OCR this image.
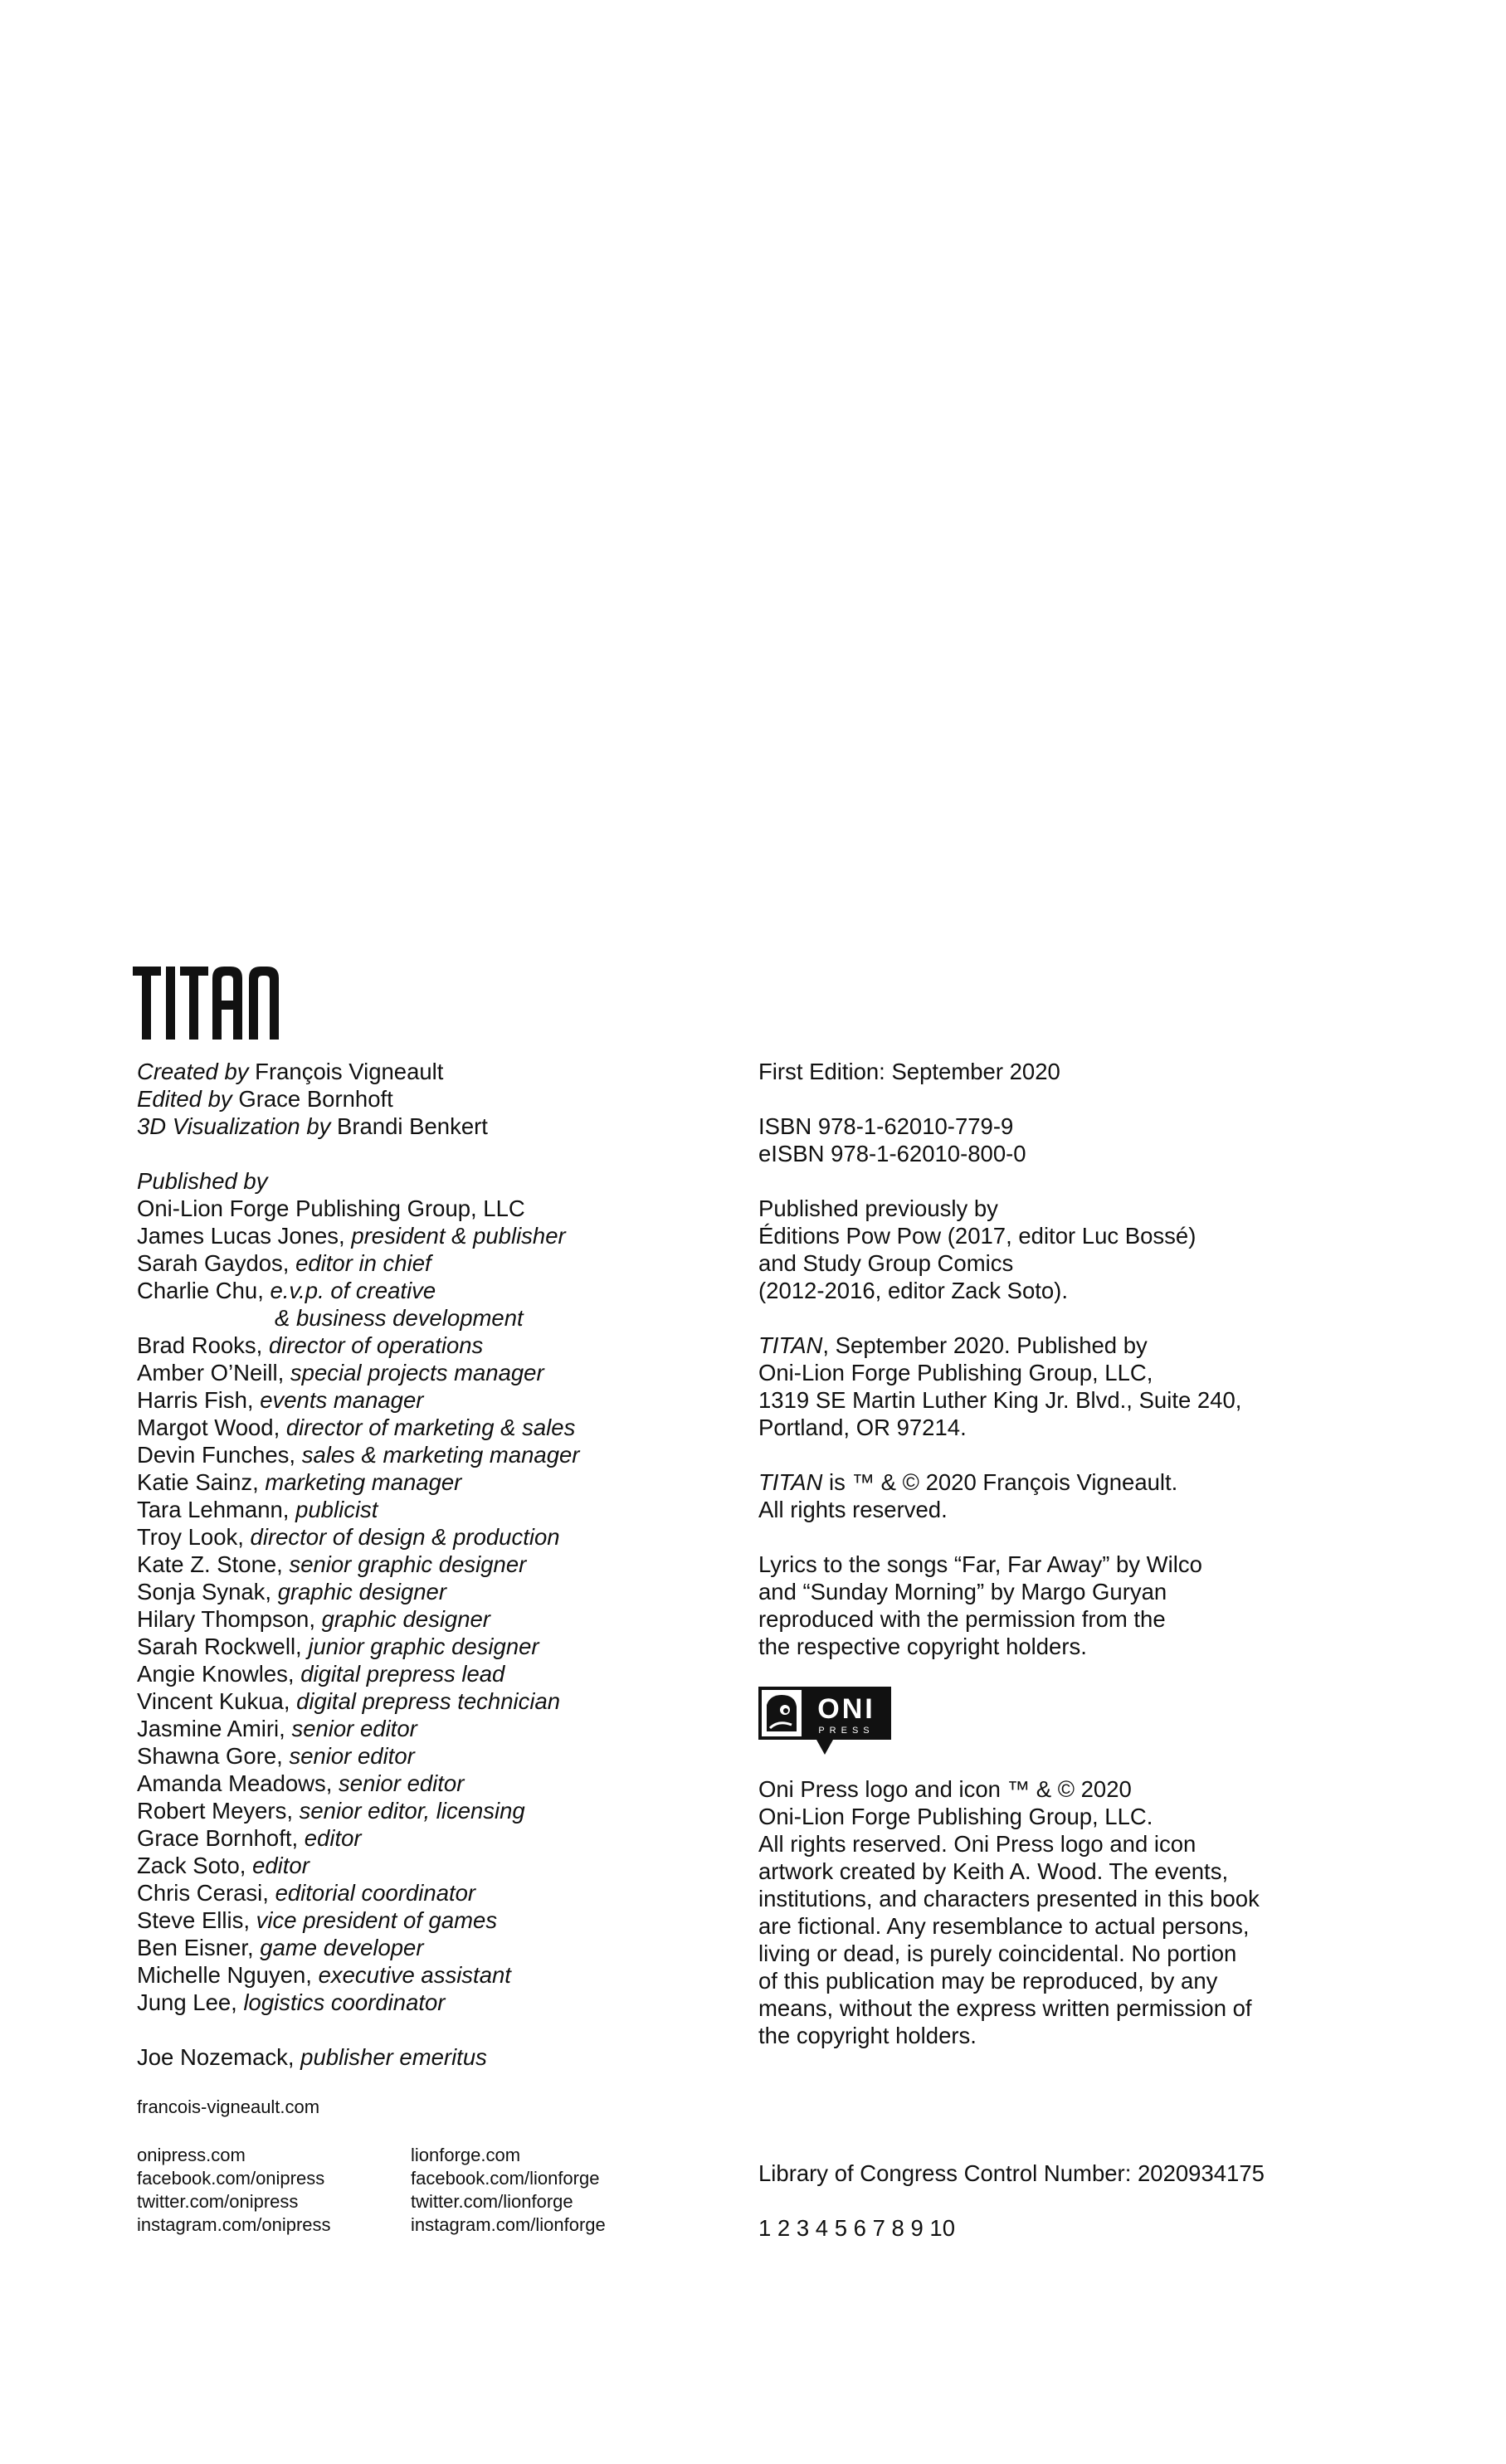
TITAN
Created by François Vigneault
Edited by Grace Bornhoft
3D Visualization by Brandi Benkert
Published by
Oni-Lion Forge Publishing Group, LLC
James Lucas Jones, president & publisher
Sarah Gaydos, editor in chief
Charlie Chu, e.v.p. of creative
& business development
Brad Rooks, director of operations
Amber O’Neill, special projects manager
Harris Fish, events manager
Margot Wood, director of marketing & sales
Devin Funches, sales & marketing manager
Katie Sainz, marketing manager
Tara Lehmann, publicist
Troy Look, director of design & production
Kate Z. Stone, senior graphic designer
Sonja Synak, graphic designer
Hilary Thompson, graphic designer
Sarah Rockwell, junior graphic designer
Angie Knowles, digital prepress lead
Vincent Kukua, digital prepress technician
Jasmine Amiri, senior editor
Shawna Gore, senior editor
Amanda Meadows, senior editor
Robert Meyers, senior editor, licensing
Grace Bornhoft, editor
Zack Soto, editor
Chris Cerasi, editorial coordinator
Steve Ellis, vice president of games
Ben Eisner, game developer
Michelle Nguyen, executive assistant
Jung Lee, logistics coordinator
Joe Nozemack, publisher emeritus
francois-vigneault.com
onipress.com
facebook.com/onipress
twitter.com/onipress
instagram.com/onipress
lionforge.com
facebook.com/lionforge
twitter.com/lionforge
instagram.com/lionforge
First Edition: September 2020
ISBN 978-1-62010-779-9
eISBN 978-1-62010-800-0
Published previously by
Éditions Pow Pow (2017, editor Luc Bossé)
and Study Group Comics
(2012-2016, editor Zack Soto).
TITAN, September 2020. Published by
Oni-Lion Forge Publishing Group, LLC,
1319 SE Martin Luther King Jr. Blvd., Suite 240,
Portland, OR 97214.
TITAN is ™ & © 2020 François Vigneault.
All rights reserved.
Lyrics to the songs “Far, Far Away” by Wilco
and “Sunday Morning” by Margo Guryan
reproduced with the permission from the
the respective copyright holders.
ONI
PRESS
Oni Press logo and icon ™ & © 2020
Oni-Lion Forge Publishing Group, LLC.
All rights reserved. Oni Press logo and icon
artwork created by Keith A. Wood. The events,
institutions, and characters presented in this book
are fictional. Any resemblance to actual persons,
living or dead, is purely coincidental. No portion
of this publication may be reproduced, by any
means, without the express written permission of
the copyright holders.
Library of Congress Control Number: 2020934175
1 2 3 4 5 6 7 8 9 10
